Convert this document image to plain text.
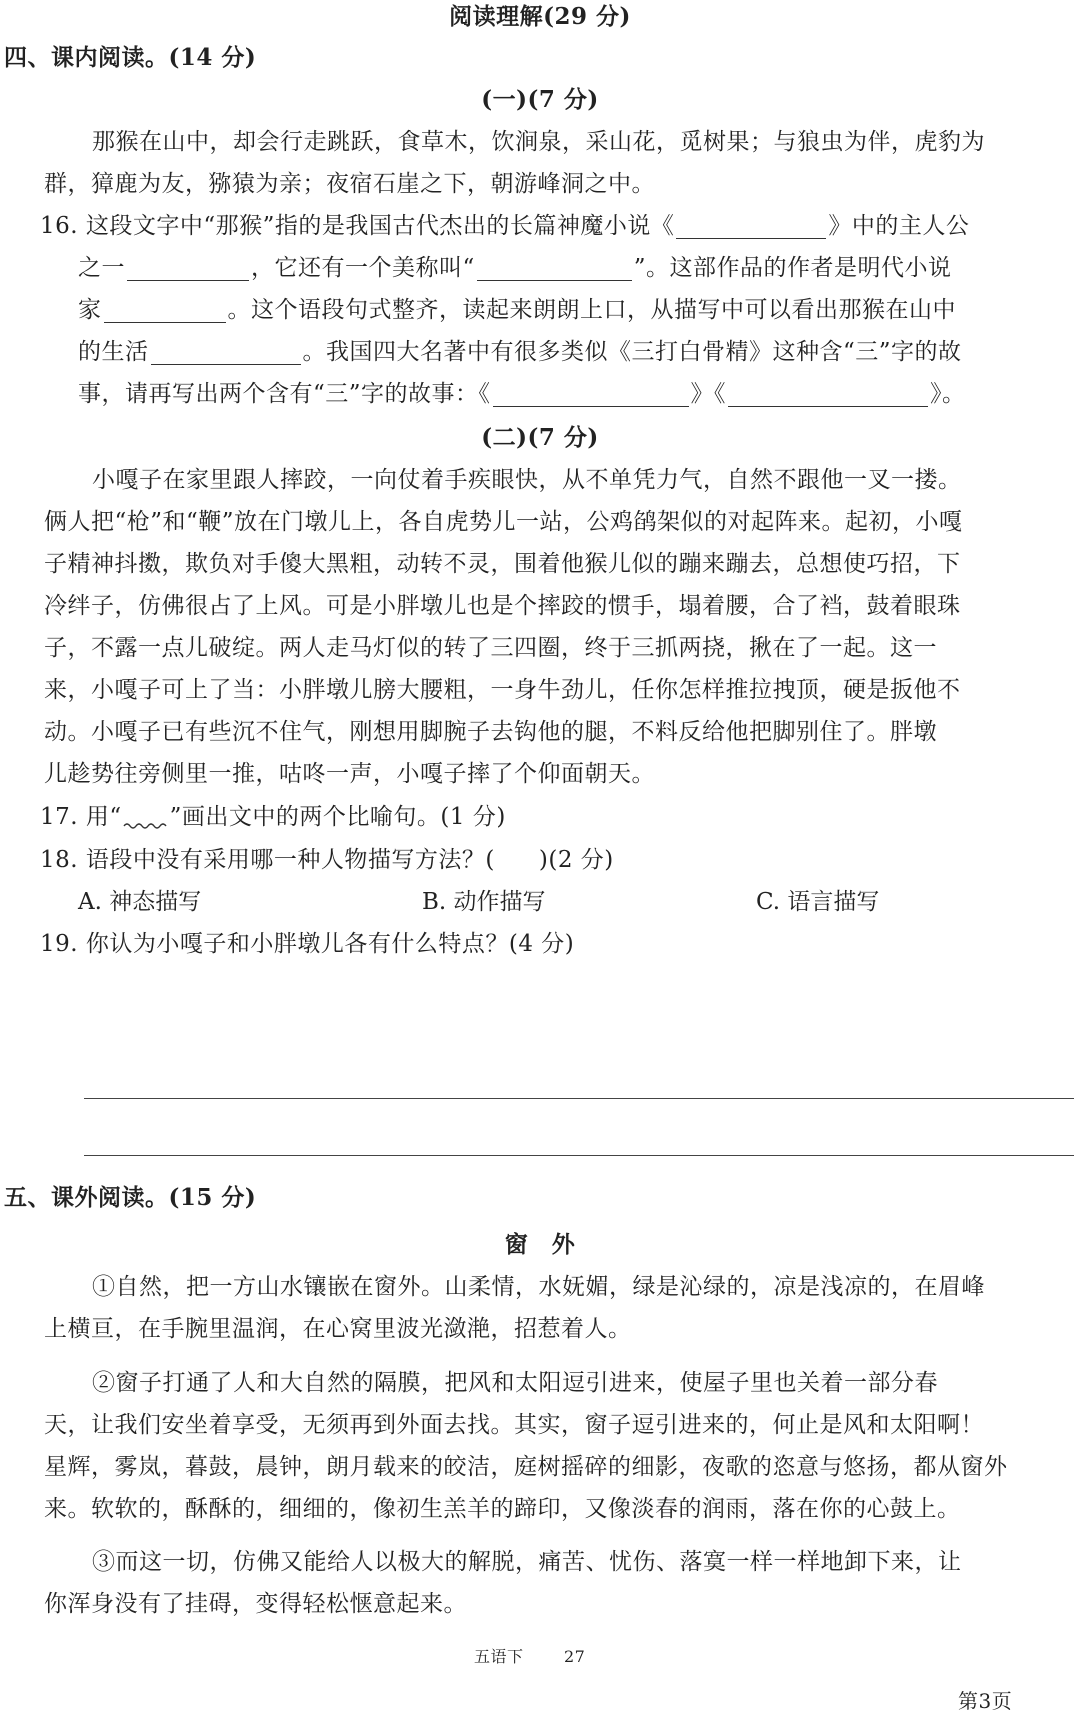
阅读理解(29 分)
四、课内阅读。(14 分)
(一)(7 分)
那猴在山中，却会行走跳跃，食草木，饮涧泉，采山花，觅树果；与狼虫为伴，虎豹为
群，獐鹿为友，猕猿为亲；夜宿石崖之下，朝游峰洞之中。
16. 这段文字中“那猴”指的是我国古代杰出的长篇神魔小说《	》中的主人公
之一	，它还有一个美称叫“	”。这部作品的作者是明代小说
家	。这个语段句式整齐，读起来朗朗上口，从描写中可以看出那猴在山中
的生活	。我国四大名著中有很多类似《三打白骨精》这种含“三”字的故
事，请再写出两个含有“三”字的故事：《	》《	》。
(二)(7 分)
小嘎子在家里跟人摔跤，一向仗着手疾眼快，从不单凭力气，自然不跟他一叉一搂。
俩人把“枪”和“鞭”放在门墩儿上，各自虎势儿一站，公鸡鹐架似的对起阵来。起初，小嘎
子精神抖擞，欺负对手傻大黑粗，动转不灵，围着他猴儿似的蹦来蹦去，总想使巧招，下
冷绊子，仿佛很占了上风。可是小胖墩儿也是个摔跤的惯手，塌着腰，合了裆，鼓着眼珠
子，不露一点儿破绽。两人走马灯似的转了三四圈，终于三抓两挠，揪在了一起。这一
来，小嘎子可上了当：小胖墩儿膀大腰粗，一身牛劲儿，任你怎样推拉拽顶，硬是扳他不
动。小嘎子已有些沉不住气，刚想用脚腕子去钩他的腿，不料反给他把脚别住了。胖墩
儿趁势往旁侧里一推，咕咚一声，小嘎子摔了个仰面朝天。
17. 用“ ”画出文中的两个比喻句。(1 分)
18. 语段中没有采用哪一种人物描写方法？( )(2 分)
A. 神态描写	B. 动作描写	C. 语言描写
19. 你认为小嘎子和小胖墩儿各有什么特点？(4 分)
五、课外阅读。(15 分)
窗　外
①自然，把一方山水镶嵌在窗外。山柔情，水妩媚，绿是沁绿的，凉是浅凉的，在眉峰
上横亘，在手腕里温润，在心窝里波光潋滟，招惹着人。
②窗子打通了人和大自然的隔膜，把风和太阳逗引进来，使屋子里也关着一部分春
天，让我们安坐着享受，无须再到外面去找。其实，窗子逗引进来的，何止是风和太阳啊！
星辉，雾岚，暮鼓，晨钟，朗月载来的皎洁，庭树摇碎的细影，夜歌的恣意与悠扬，都从窗外
来。软软的，酥酥的，细细的，像初生羔羊的蹄印，又像淡春的润雨，落在你的心鼓上。
③而这一切，仿佛又能给人以极大的解脱，痛苦、忧伤、落寞一样一样地卸下来，让
你浑身没有了挂碍，变得轻松惬意起来。
五语下	27
第3页
